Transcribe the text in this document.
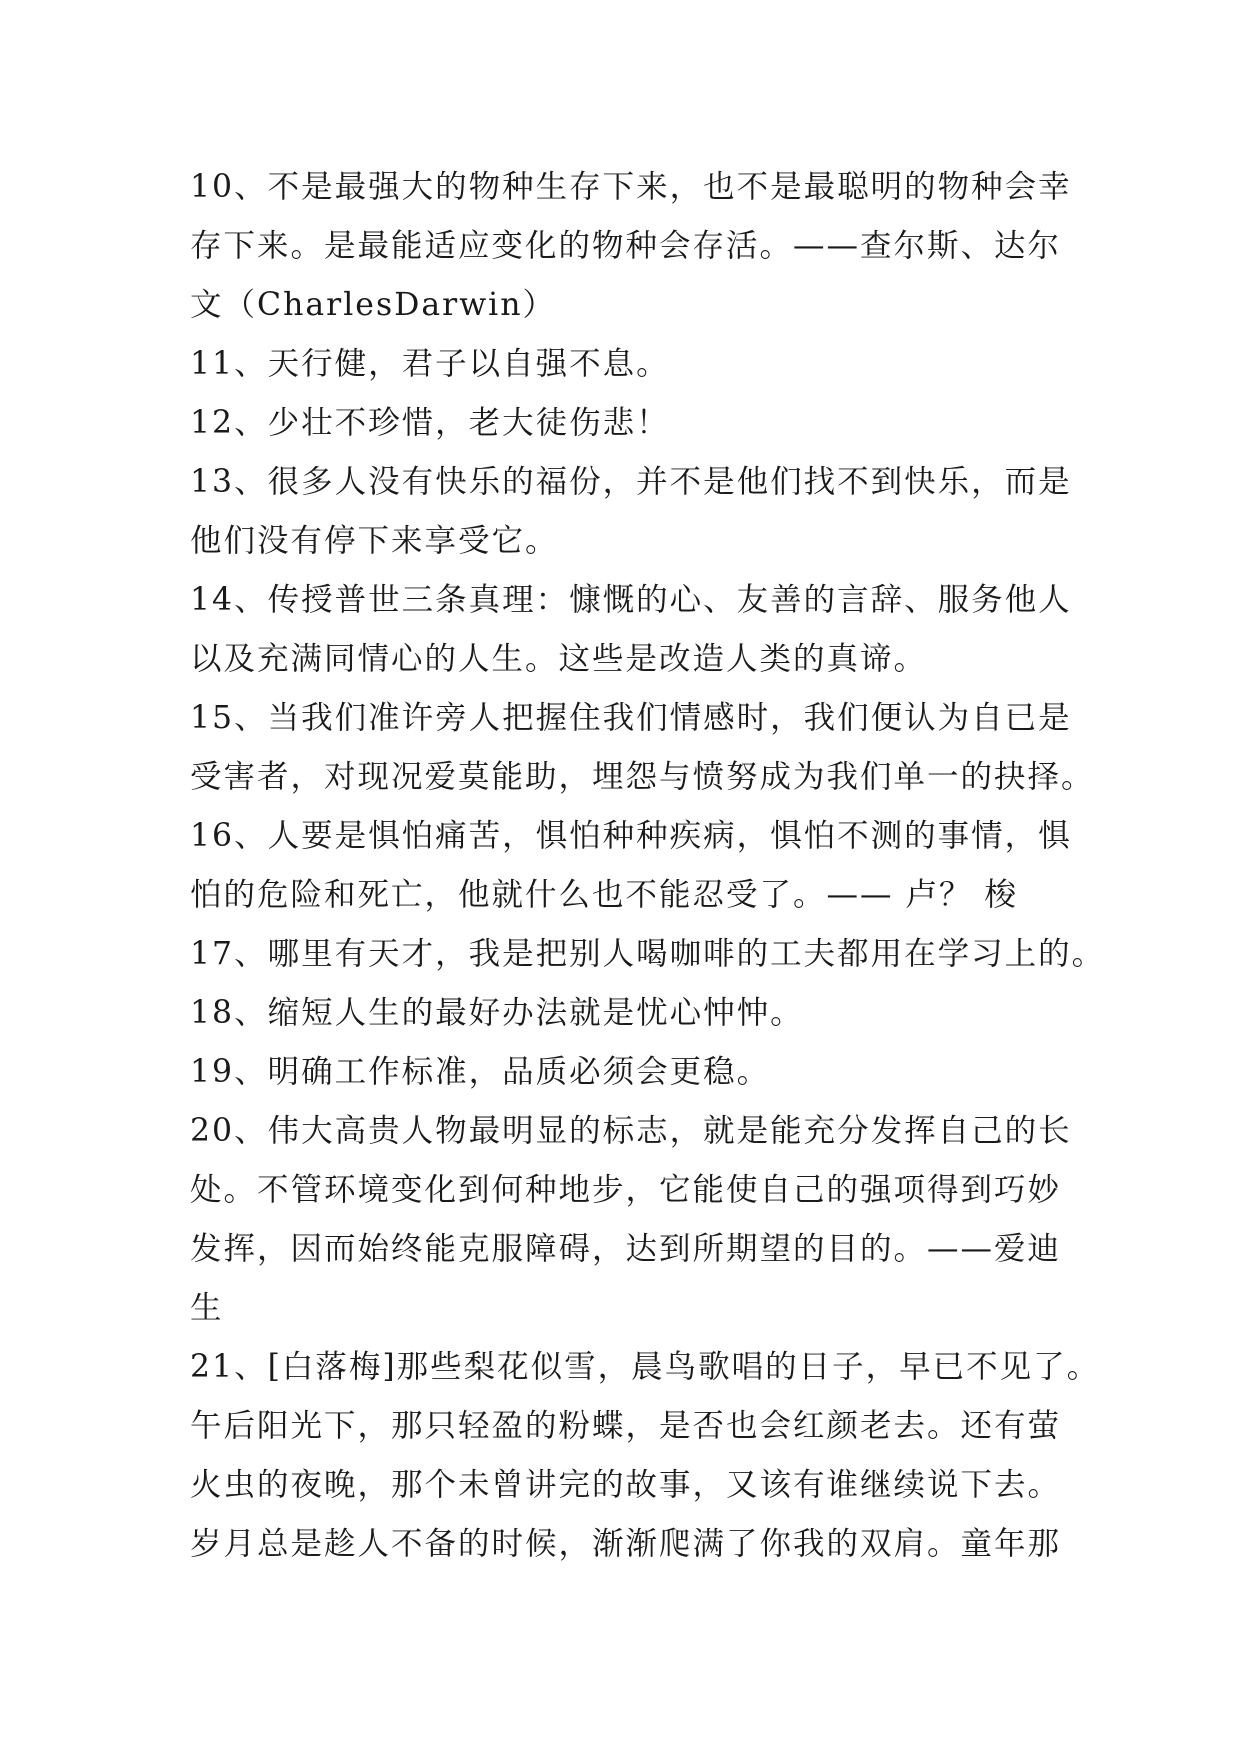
10、不是最强大的物种生存下来，也不是最聪明的物种会幸
存下来。是最能适应变化的物种会存活。——查尔斯、达尔
文（CharlesDarwin）
11、天行健，君子以自强不息。
12、少壮不珍惜，老大徒伤悲！
13、很多人没有快乐的福份，并不是他们找不到快乐，而是
他们没有停下来享受它。
14、传授普世三条真理：慷慨的心、友善的言辞、服务他人
以及充满同情心的人生。这些是改造人类的真谛。
15、当我们准许旁人把握住我们情感时，我们便认为自已是
受害者，对现况爱莫能助，埋怨与愤努成为我们单一的抉择。
16、人要是惧怕痛苦，惧怕种种疾病，惧怕不测的事情，惧
怕的危险和死亡，他就什么也不能忍受了。—— 卢？ 梭
17、哪里有天才，我是把别人喝咖啡的工夫都用在学习上的。
18、缩短人生的最好办法就是忧心忡忡。
19、明确工作标准，品质必须会更稳。
20、伟大高贵人物最明显的标志，就是能充分发挥自己的长
处。不管环境变化到何种地步，它能使自己的强项得到巧妙
发挥，因而始终能克服障碍，达到所期望的目的。——爱迪
生
21、[白落梅]那些梨花似雪，晨鸟歌唱的日子，早已不见了。
午后阳光下，那只轻盈的粉蝶，是否也会红颜老去。还有萤
火虫的夜晚，那个未曾讲完的故事，又该有谁继续说下去。
岁月总是趁人不备的时候，渐渐爬满了你我的双肩。童年那
